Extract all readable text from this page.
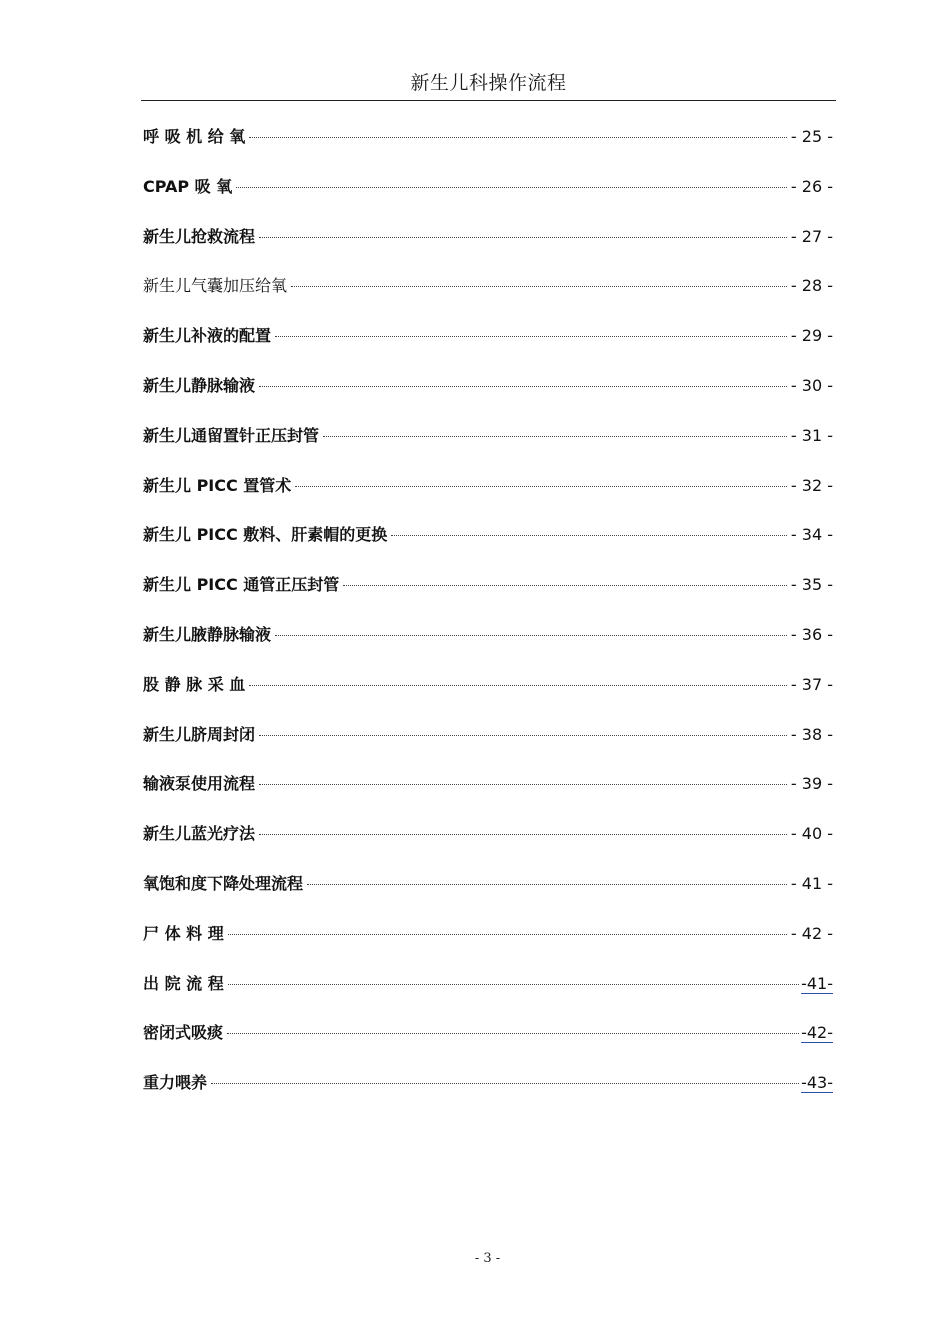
新生儿科操作流程
呼 吸 机 给 氧	- 25 -
CPAP 吸 氧	- 26 -
新生儿抢救流程	- 27 -
新生儿气囊加压给氧	- 28 -
新生儿补液的配置	- 29 -
新生儿静脉输液	- 30 -
新生儿通留置针正压封管	- 31 -
新生儿 PICC 置管术	- 32 -
新生儿 PICC 敷料、肝素帽的更换	- 34 -
新生儿 PICC 通管正压封管	- 35 -
新生儿腋静脉输液	- 36 -
股 静 脉 采 血	- 37 -
新生儿脐周封闭	- 38 -
输液泵使用流程	- 39 -
新生儿蓝光疗法	- 40 -
氧饱和度下降处理流程	- 41 -
尸 体 料 理	- 42 -
出 院 流 程	-41-
密闭式吸痰	-42-
重力喂养	-43-
- 3 -
